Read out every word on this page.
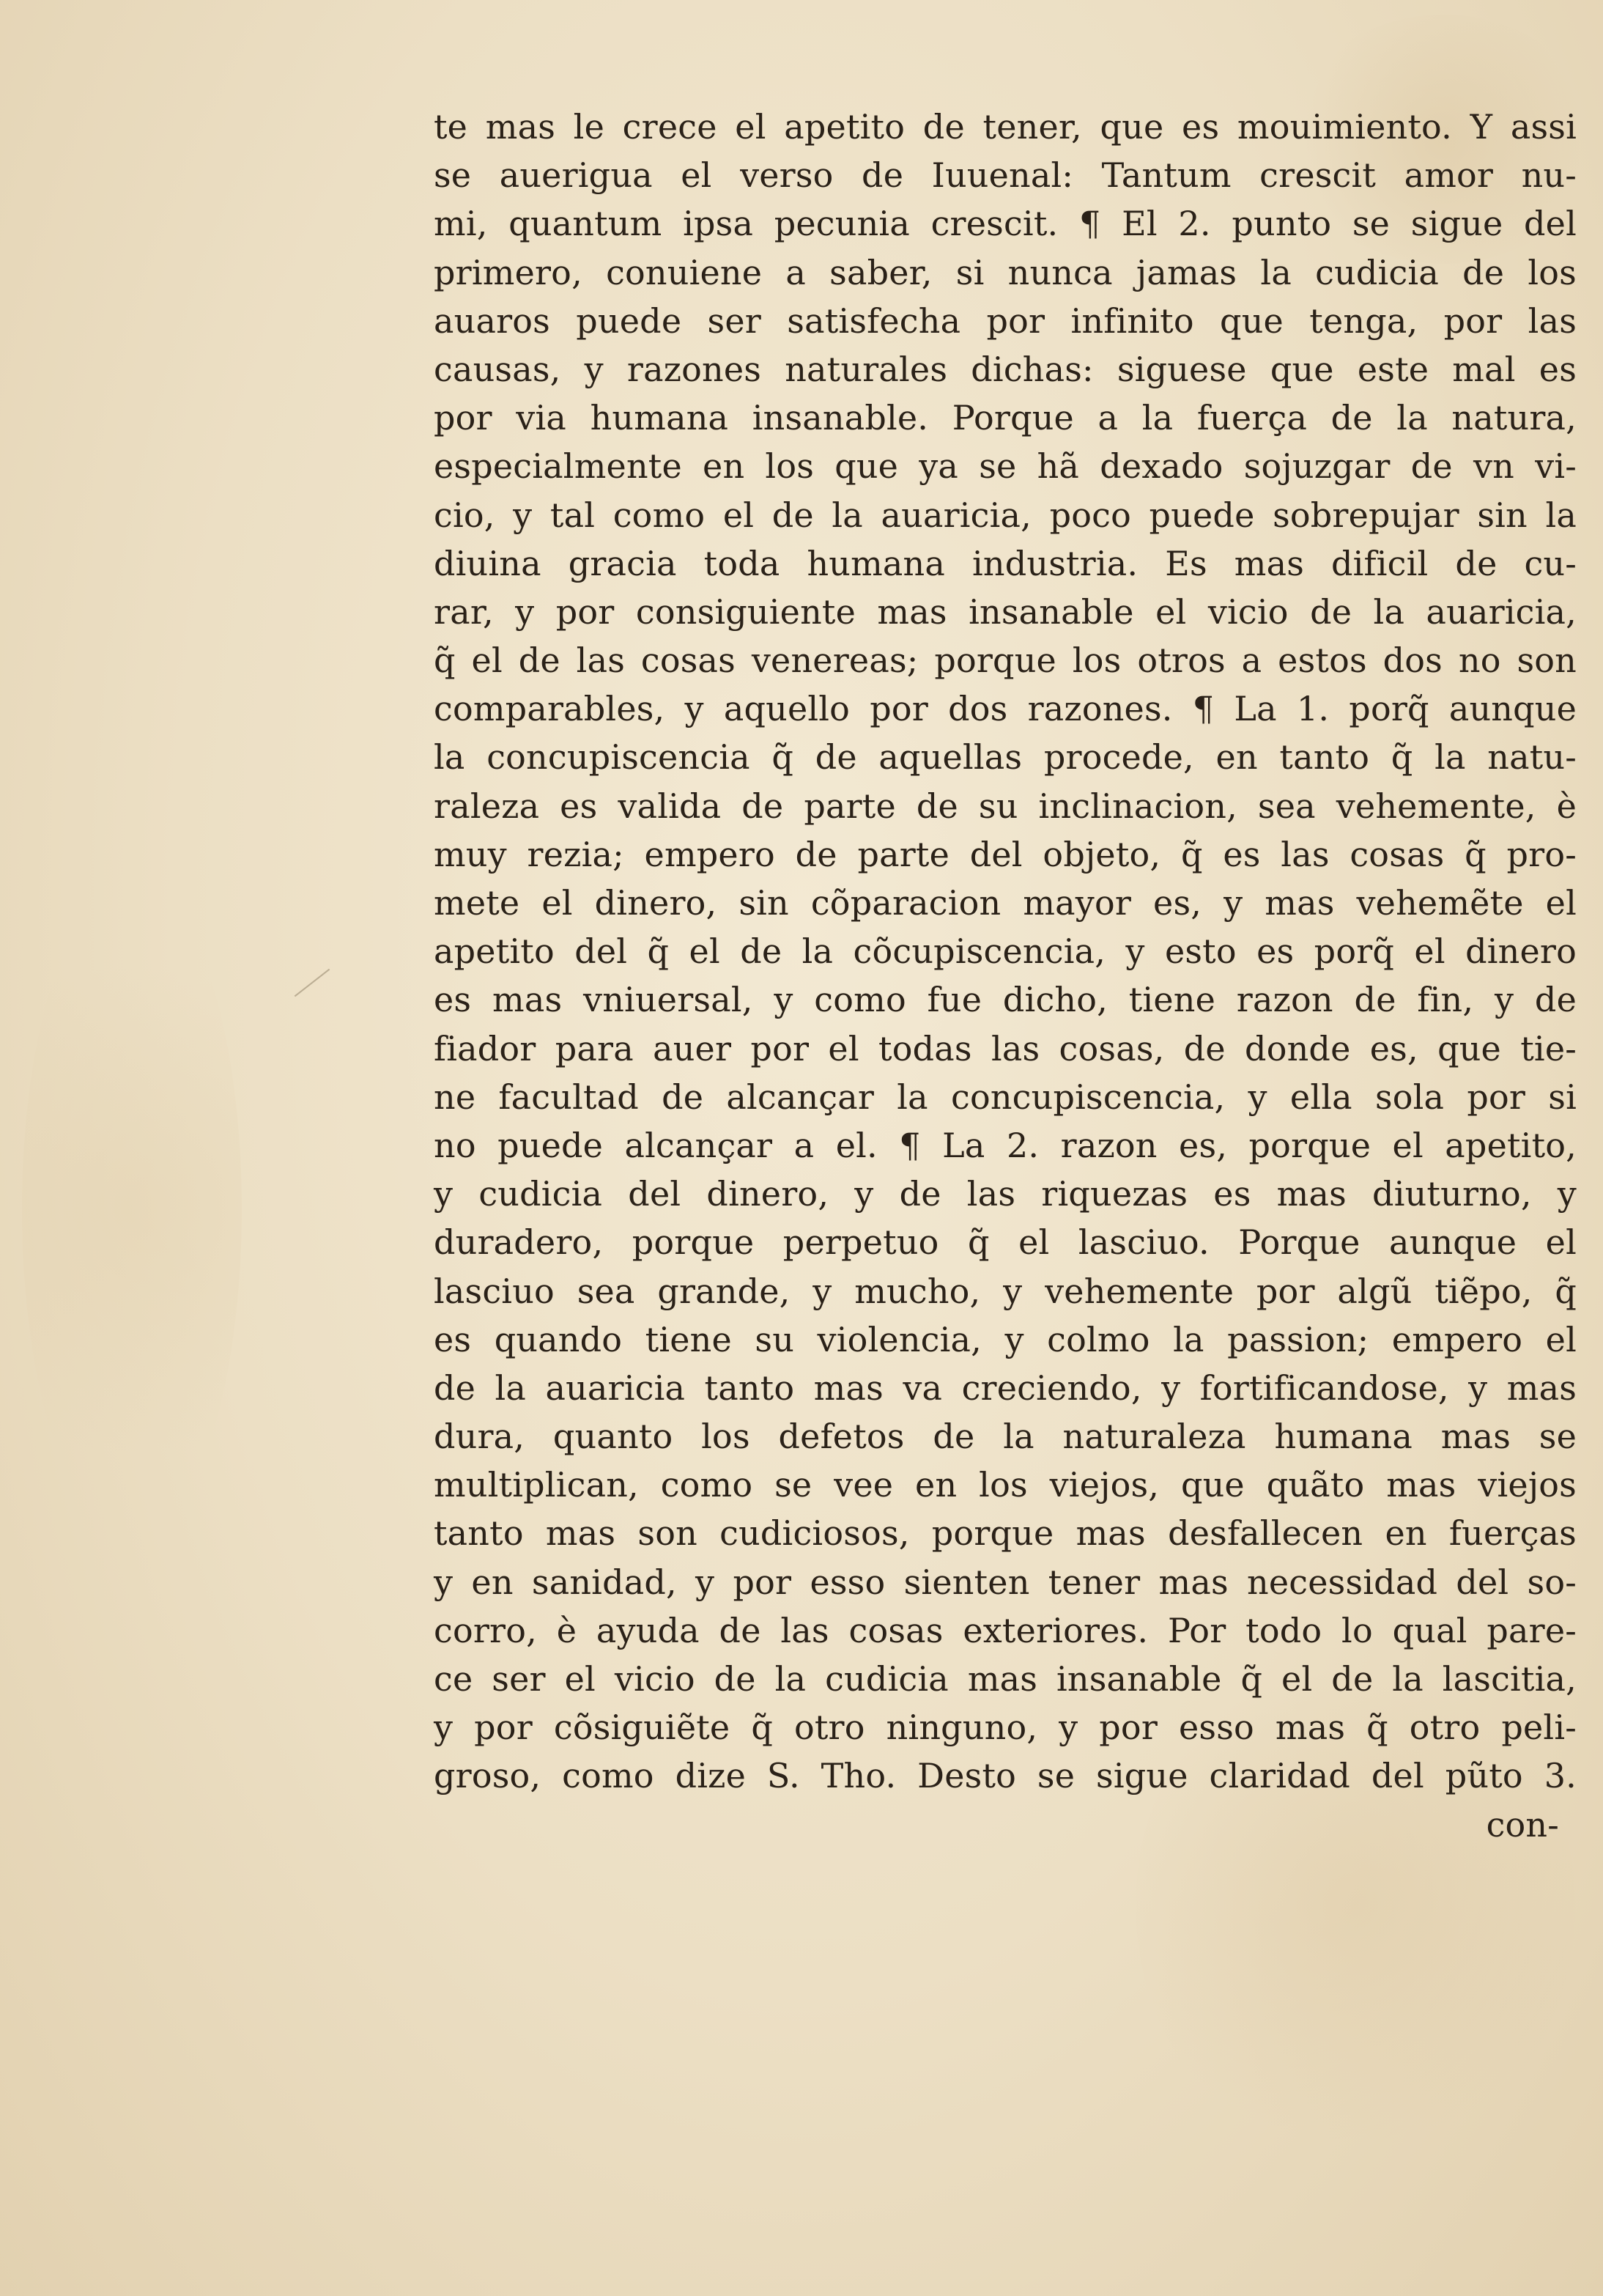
te mas le crece el apetito de tener, que es mouimiento. Y assi
se auerigua el verso de Iuuenal: Tantum crescit amor nu-
mi, quantum ipsa pecunia crescit. ¶ El 2. punto se sigue del
primero, conuiene a saber, si nunca jamas la cudicia de los
auaros puede ser satisfecha por infinito que tenga, por las
causas, y razones naturales dichas: siguese que este mal es
por via humana insanable. Porque a la fuerça de la natura,
especialmente en los que ya se hã dexado sojuzgar de vn vi-
cio, y tal como el de la auaricia, poco puede sobrepujar sin la
diuina gracia toda humana industria. Es mas dificil de cu-
rar, y por consiguiente mas insanable el vicio de la auaricia,
q̃ el de las cosas venereas; porque los otros a estos dos no son
comparables, y aquello por dos razones. ¶ La 1. porq̃ aunque
la concupiscencia q̃ de aquellas procede, en tanto q̃ la natu-
raleza es valida de parte de su inclinacion, sea vehemente, è
muy rezia; empero de parte del objeto, q̃ es las cosas q̃ pro-
mete el dinero, sin cõparacion mayor es, y mas vehemẽte el
apetito del q̃ el de la cõcupiscencia, y esto es porq̃ el dinero
es mas vniuersal, y como fue dicho, tiene razon de fin, y de
fiador para auer por el todas las cosas, de donde es, que tie-
ne facultad de alcançar la concupiscencia, y ella sola por si
no puede alcançar a el. ¶ La 2. razon es, porque el apetito,
y cudicia del dinero, y de las riquezas es mas diuturno, y
duradero, porque perpetuo q̃ el lasciuo. Porque aunque el
lasciuo sea grande, y mucho, y vehemente por algũ tiẽpo, q̃
es quando tiene su violencia, y colmo la passion; empero el
de la auaricia tanto mas va creciendo, y fortificandose, y mas
dura, quanto los defetos de la naturaleza humana mas se
multiplican, como se vee en los viejos, que quãto mas viejos
tanto mas son cudiciosos, porque mas desfallecen en fuerças
y en sanidad, y por esso sienten tener mas necessidad del so-
corro, è ayuda de las cosas exteriores. Por todo lo qual pare-
ce ser el vicio de la cudicia mas insanable q̃ el de la lascitia,
y por cõsiguiẽte q̃ otro ninguno, y por esso mas q̃ otro peli-
groso, como dize S. Tho. Desto se sigue claridad del pũto 3.
con-
